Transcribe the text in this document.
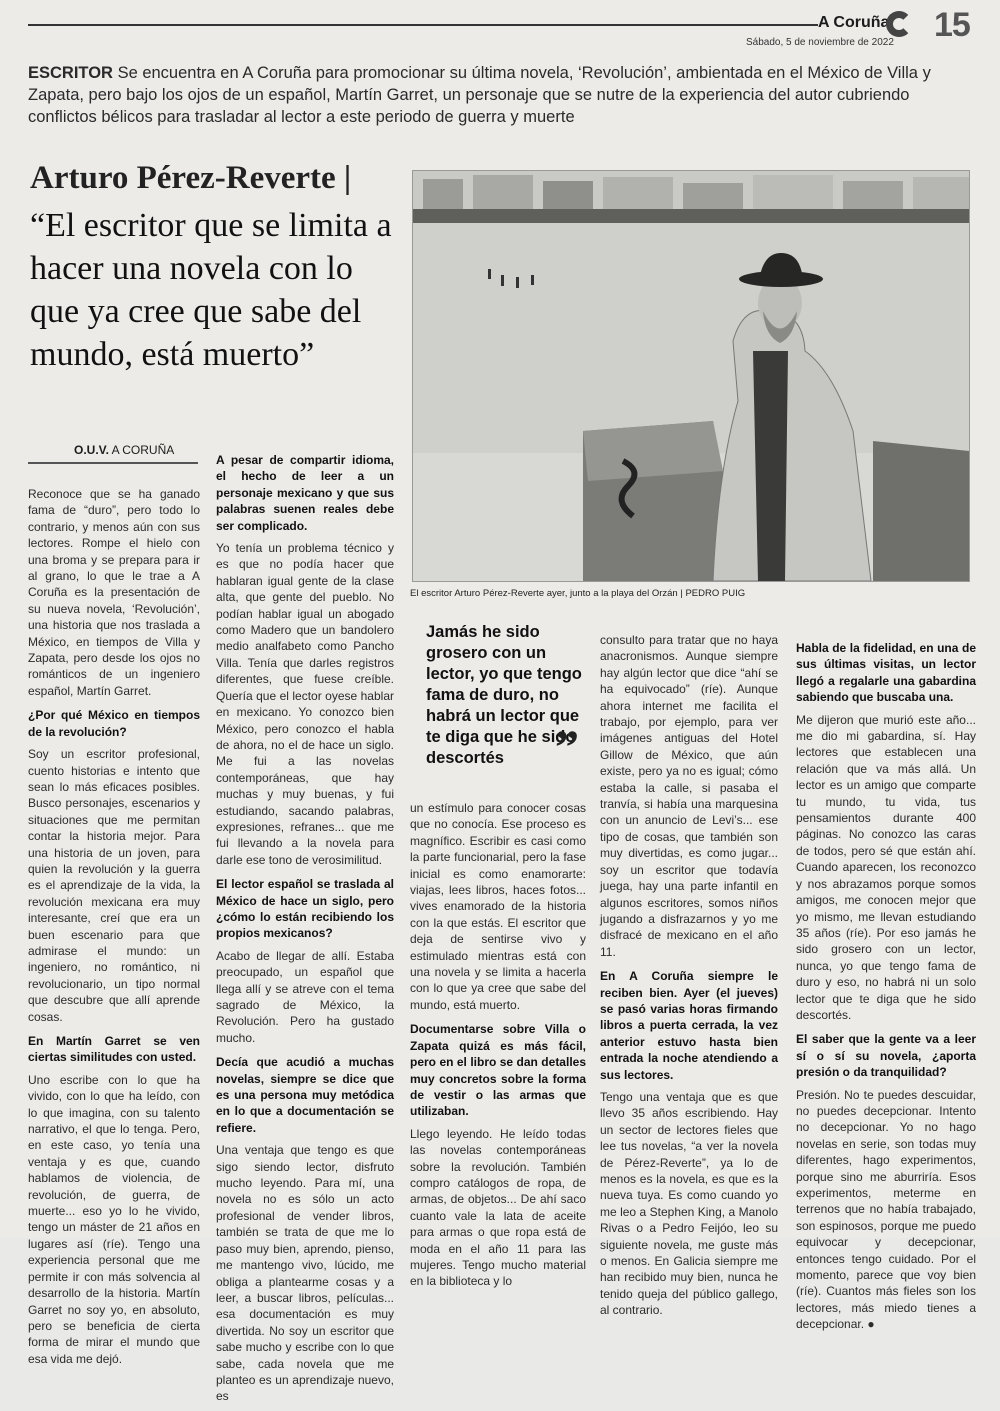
A Coruña
Sábado, 5 de noviembre de 2022 15
ESCRITOR Se encuentra en A Coruña para promocionar su última novela, ‘Revolución’, ambientada en el México de Villa y Zapata, pero bajo los ojos de un español, Martín Garret, un personaje que se nutre de la experiencia del autor cubriendo conflictos bélicos para trasladar al lector a este periodo de guerra y muerte
Arturo Pérez-Reverte |
“El escritor que se limita a hacer una novela con lo que ya cree que sabe del mundo, está muerto”
El escritor Arturo Pérez-Reverte ayer, junto a la playa del Orzán | PEDRO PUIG
O.U.V. A CORUÑA

Reconoce que se ha ganado fama de “duro”, pero todo lo contrario, y menos aún con sus lectores. Rompe el hielo con una broma y se prepara para ir al grano, lo que le trae a A Coruña es la presentación de su nueva novela, ‘Revolución’, una historia que nos traslada a México, en tiempos de Villa y Zapata, pero desde los ojos no románticos de un ingeniero español, Martín Garret.

¿Por qué México en tiempos de la revolución?

Soy un escritor profesional, cuento historias e intento que sean lo más eficaces posibles. Busco personajes, escenarios y situaciones que me permitan contar la historia mejor. Para una historia de un joven, para quien la revolución y la guerra es el aprendizaje de la vida, la revolución mexicana era muy interesante, creí que era un buen escenario para que admirase el mundo: un ingeniero, no romántico, ni revolucionario, un tipo normal que descubre que allí aprende cosas.

En Martín Garret se ven ciertas similitudes con usted.

Uno escribe con lo que ha vivido, con lo que ha leído, con lo que imagina, con su talento narrativo, el que lo tenga. Pero, en este caso, yo tenía una ventaja y es que, cuando hablamos de violencia, de revolución, de guerra, de muerte... eso yo lo he vivido, tengo un máster de 21 años en lugares así (ríe). Tengo una experiencia personal que me permite ir con más solvencia al desarrollo de la historia. Martín Garret no soy yo, en absoluto, pero se beneficia de cierta forma de mirar el mundo que esa vida me dejó.

A pesar de compartir idioma, el hecho de leer a un personaje mexicano y que sus palabras suenen reales debe ser complicado.

Yo tenía un problema técnico y es que no podía hacer que hablaran igual gente de la clase alta, que gente del pueblo. No podían hablar igual un abogado como Madero que un bandolero medio analfabeto como Pancho Villa. Tenía que darles registros diferentes, que fuese creíble. Quería que el lector oyese hablar en mexicano. Yo conozco bien México, pero conozco el habla de ahora, no el de hace un siglo. Me fui a las novelas contemporáneas, que hay muchas y muy buenas, y fui estudiando, sacando palabras, expresiones, refranes... que me fui llevando a la novela para darle ese tono de verosimilitud.

El lector español se traslada al México de hace un siglo, pero ¿cómo lo están recibiendo los propios mexicanos?

Acabo de llegar de allí. Estaba preocupado, un español que llega allí y se atreve con el tema sagrado de México, la Revolución. Pero ha gustado mucho.

Decía que acudió a muchas novelas, siempre se dice que es una persona muy metódica en lo que a documentación se refiere.

Una ventaja que tengo es que sigo siendo lector, disfruto mucho leyendo. Para mí, una novela no es sólo un acto profesional de vender libros, también se trata de que me lo paso muy bien, aprendo, pienso, me mantengo vivo, lúcido, me obliga a plantearme cosas y a leer, a buscar libros, películas... esa documentación es muy divertida. No soy un escritor que sabe mucho y escribe con lo que sabe, cada novela que me planteo es un aprendizaje nuevo, es

un estímulo para conocer cosas que no conocía. Ese proceso es magnífico. Escribir es casi como la parte funcionarial, pero la fase inicial es como enamorarte: viajas, lees libros, haces fotos... vives enamorado de la historia con la que estás. El escritor que deja de sentirse vivo y estimulado mientras está con una novela y se limita a hacerla con lo que ya cree que sabe del mundo, está muerto.

Documentarse sobre Villa o Zapata quizá es más fácil, pero en el libro se dan detalles muy concretos sobre la forma de vestir o las armas que utilizaban.

Llego leyendo. He leído todas las novelas contemporáneas sobre la revolución. También compro catálogos de ropa, de armas, de objetos... De ahí saco cuanto vale la lata de aceite para armas o que ropa está de moda en el año 11 para las mujeres. Tengo mucho material en la biblioteca y lo

consulto para tratar que no haya anacronismos. Aunque siempre hay algún lector que dice “ahí se ha equivocado” (ríe). Aunque ahora internet me facilita el trabajo, por ejemplo, para ver imágenes antiguas del Hotel Gillow de México, que aún existe, pero ya no es igual; cómo estaba la calle, si pasaba el tranvía, si había una marquesina con un anuncio de Levi’s... ese tipo de cosas, que también son muy divertidas, es como jugar... soy un escritor que todavía juega, hay una parte infantil en algunos escritores, somos niños jugando a disfrazarnos y yo me disfracé de mexicano en el año 11.

En A Coruña siempre le reciben bien. Ayer (el jueves) se pasó varias horas firmando libros a puerta cerrada, la vez anterior estuvo hasta bien entrada la noche atendiendo a sus lectores.

Tengo una ventaja que es que llevo 35 años escribiendo. Hay un sector de lectores fieles que lee tus novelas, “a ver la novela de Pérez-Reverte”, ya lo de menos es la novela, es que es la nueva tuya. Es como cuando yo me leo a Stephen King, a Manolo Rivas o a Pedro Feijóo, leo su siguiente novela, me guste más o menos. En Galicia siempre me han recibido muy bien, nunca he tenido queja del público gallego, al contrario.

Habla de la fidelidad, en una de sus últimas visitas, un lector llegó a regalarle una gabardina sabiendo que buscaba una.

Me dijeron que murió este año... me dio mi gabardina, sí. Hay lectores que establecen una relación que va más allá. Un lector es un amigo que comparte tu mundo, tu vida, tus pensamientos durante 400 páginas. No conozco las caras de todos, pero sé que están ahí. Cuando aparecen, los reconozco y nos abrazamos porque somos amigos, me conocen mejor que yo mismo, me llevan estudiando 35 años (ríe). Por eso jamás he sido grosero con un lector, nunca, yo que tengo fama de duro y eso, no habrá ni un solo lector que te diga que he sido descortés.

El saber que la gente va a leer sí o sí su novela, ¿aporta presión o da tranquilidad?

Presión. No te puedes descuidar, no puedes decepcionar. Intento no decepcionar. Yo no hago novelas en serie, son todas muy diferentes, hago experimentos, porque sino me aburriría. Esos experimentos, meterme en terrenos que no había trabajado, son espinosos, porque me puedo equivocar y decepcionar, entonces tengo cuidado. Por el momento, parece que voy bien (ríe). Cuantos más fieles son los lectores, más miedo tienes a decepcionar. ●

Jamás he sido grosero con un lector, yo que tengo fama de duro, no habrá un lector que te diga que he sido descortés	”
